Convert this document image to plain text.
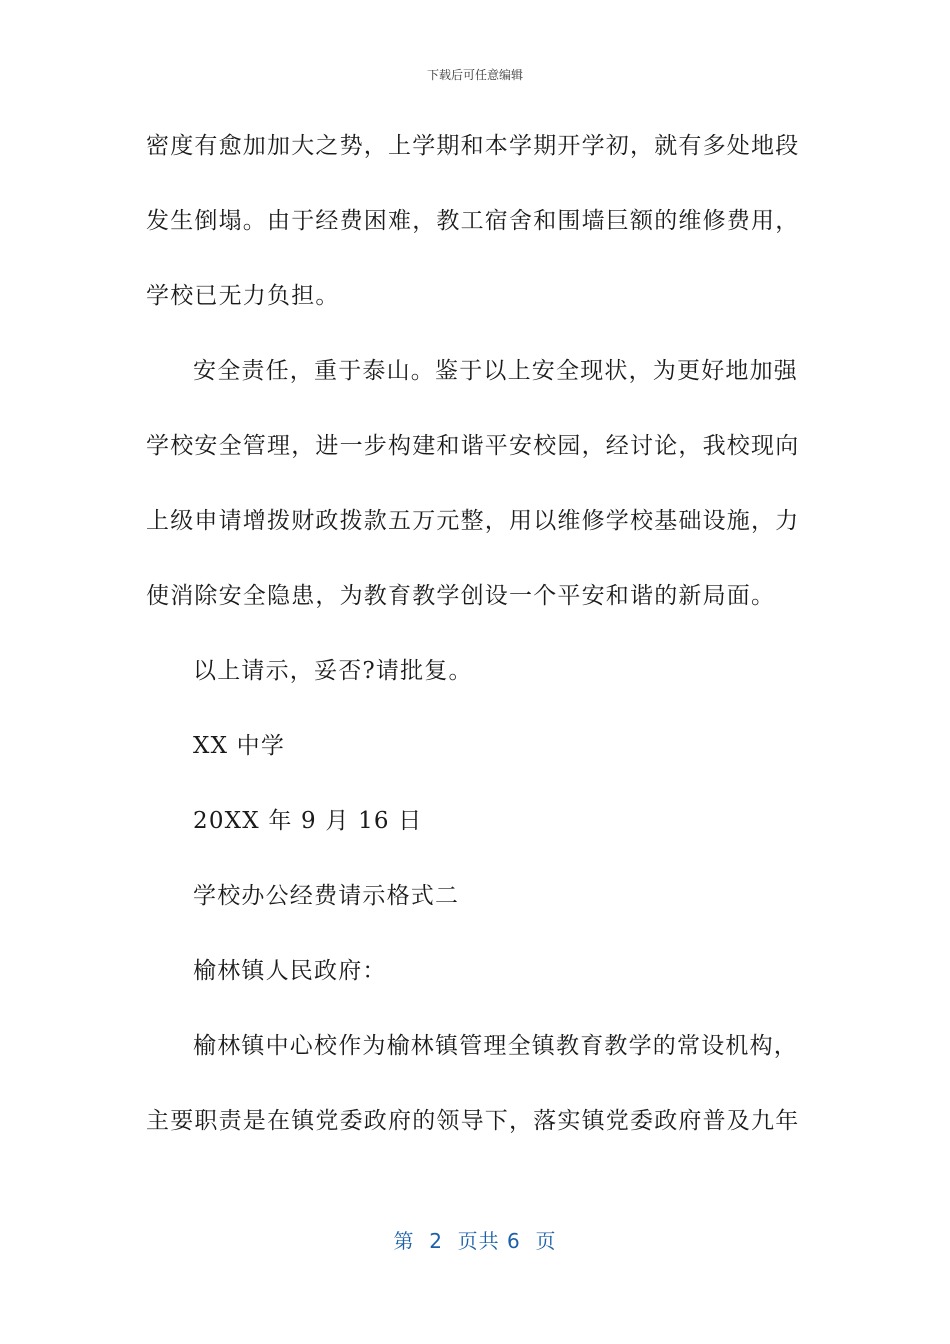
下载后可任意编辑
密度有愈加加大之势，上学期和本学期开学初，就有多处地段
发生倒塌。由于经费困难，教工宿舍和围墙巨额的维修费用，
学校已无力负担。
安全责任，重于泰山。鉴于以上安全现状，为更好地加强
学校安全管理，进一步构建和谐平安校园，经讨论，我校现向
上级申请增拨财政拨款五万元整，用以维修学校基础设施，力
使消除安全隐患，为教育教学创设一个平安和谐的新局面。
以上请示，妥否?请批复。
XX 中学
20XX 年 9 月 16 日
学校办公经费请示格式二
榆林镇人民政府：
榆林镇中心校作为榆林镇管理全镇教育教学的常设机构，
主要职责是在镇党委政府的领导下，落实镇党委政府普及九年
第  2  页共 6  页
